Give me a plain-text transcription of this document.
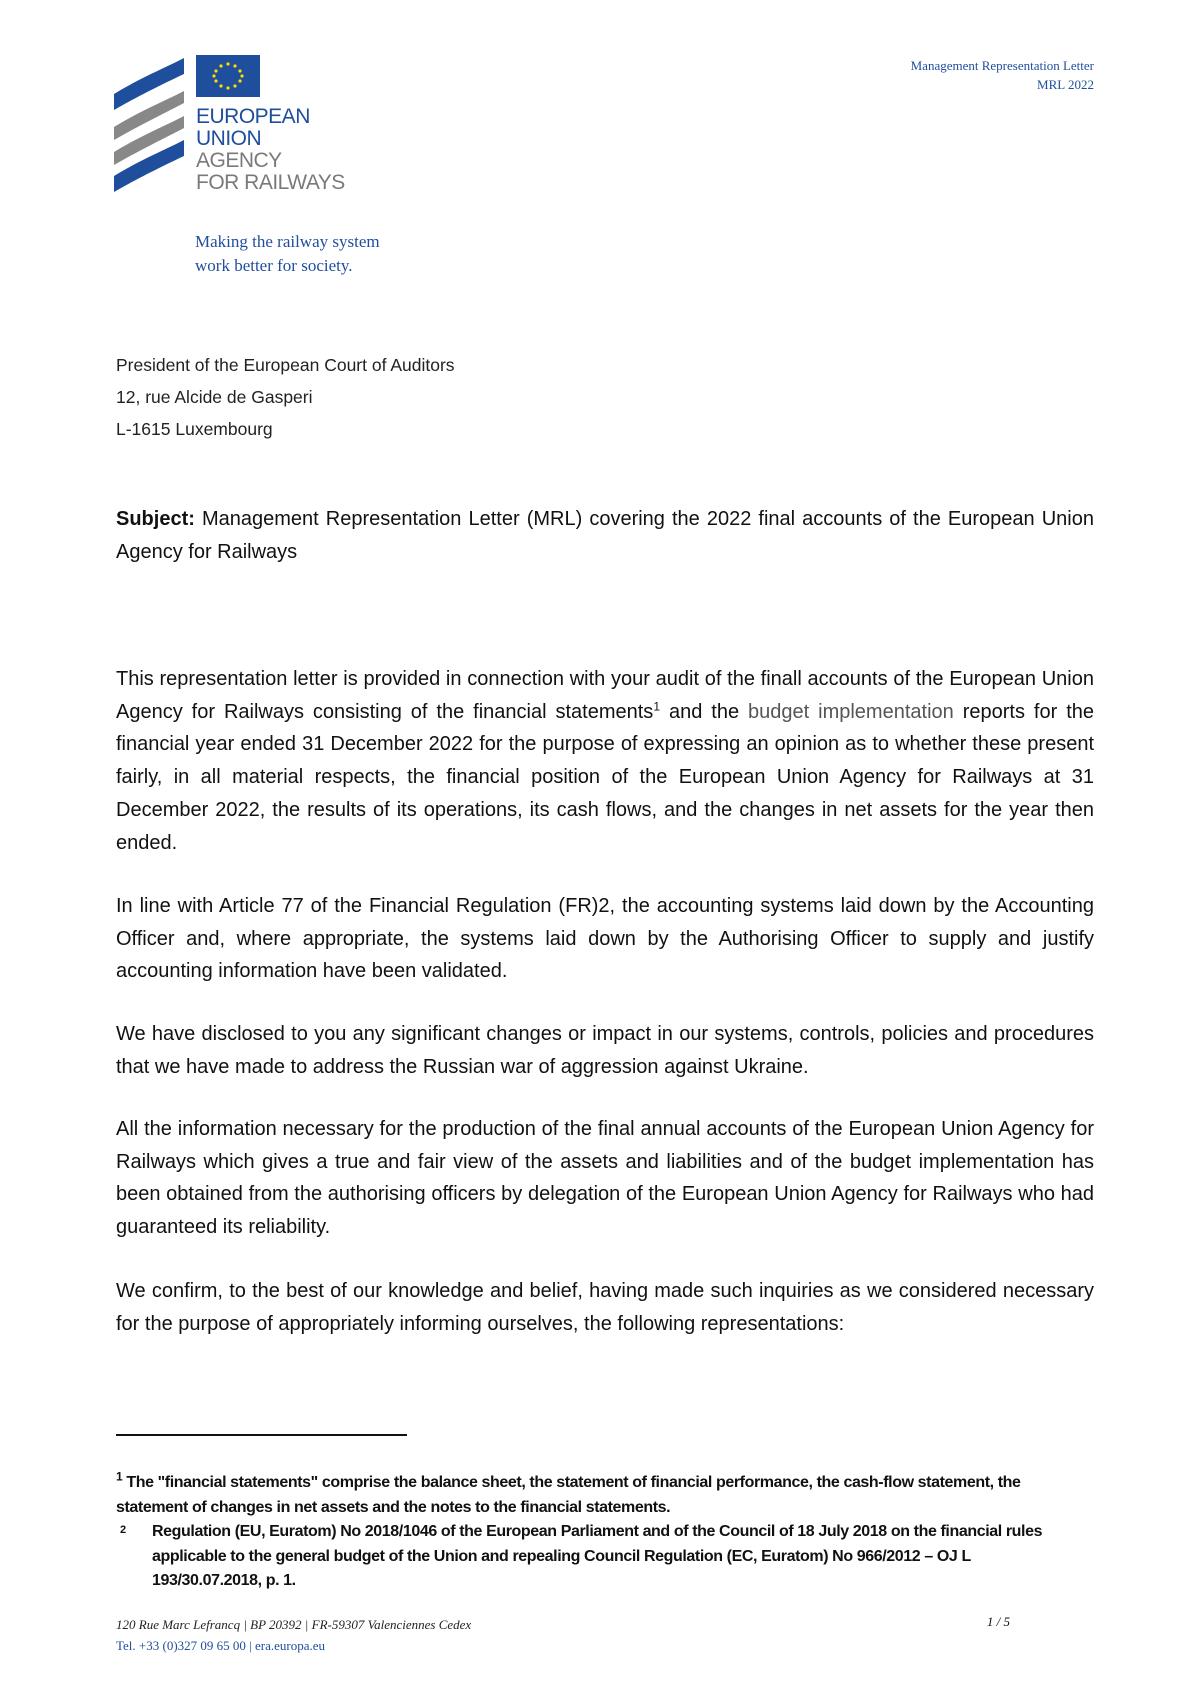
Management Representation Letter
MRL 2022
EUROPEAN
UNION
AGENCY
FOR RAILWAYS
Making the railway system
work better for society.
President of the European Court of Auditors
12, rue Alcide de Gasperi
L-1615 Luxembourg
Subject: Management Representation Letter (MRL) covering the 2022 final accounts of the European Union Agency for Railways

This representation letter is provided in connection with your audit of the finall accounts of the European Union Agency for Railways consisting of the financial statements$^1$ and the budget implementation reports for the financial year ended 31 December 2022 for the purpose of expressing an opinion as to whether these present fairly, in all material respects, the financial position of the European Union Agency for Railways at 31 December 2022, the results of its operations, its cash flows, and the changes in net assets for the year then ended.

In line with Article 77 of the Financial Regulation (FR)2, the accounting systems laid down by the Accounting Officer and, where appropriate, the systems laid down by the Authorising Officer to supply and justify accounting information have been validated.

We have disclosed to you any significant changes or impact in our systems, controls, policies and procedures that we have made to address the Russian war of aggression against Ukraine.

All the information necessary for the production of the final annual accounts of the European Union Agency for Railways which gives a true and fair view of the assets and liabilities and of the budget implementation has been obtained from the authorising officers by delegation of the European Union Agency for Railways who had guaranteed its reliability.

We confirm, to the best of our knowledge and belief, having made such inquiries as we considered necessary for the purpose of appropriately informing ourselves, the following representations:

$^1$ The "financial statements" comprise the balance sheet, the statement of financial performance, the cash-flow statement, the statement of changes in net assets and the notes to the financial statements.
2 Regulation (EU, Euratom) No 2018/1046 of the European Parliament and of the Council of 18 July 2018 on the financial rules applicable to the general budget of the Union and repealing Council Regulation (EC, Euratom) No 966/2012 – OJ L 193/30.07.2018, p. 1.
120 Rue Marc Lefrancq | BP 20392 | FR-59307 Valenciennes Cedex
Tel. +33 (0)327 09 65 00 | era.europa.eu
1 / 5
